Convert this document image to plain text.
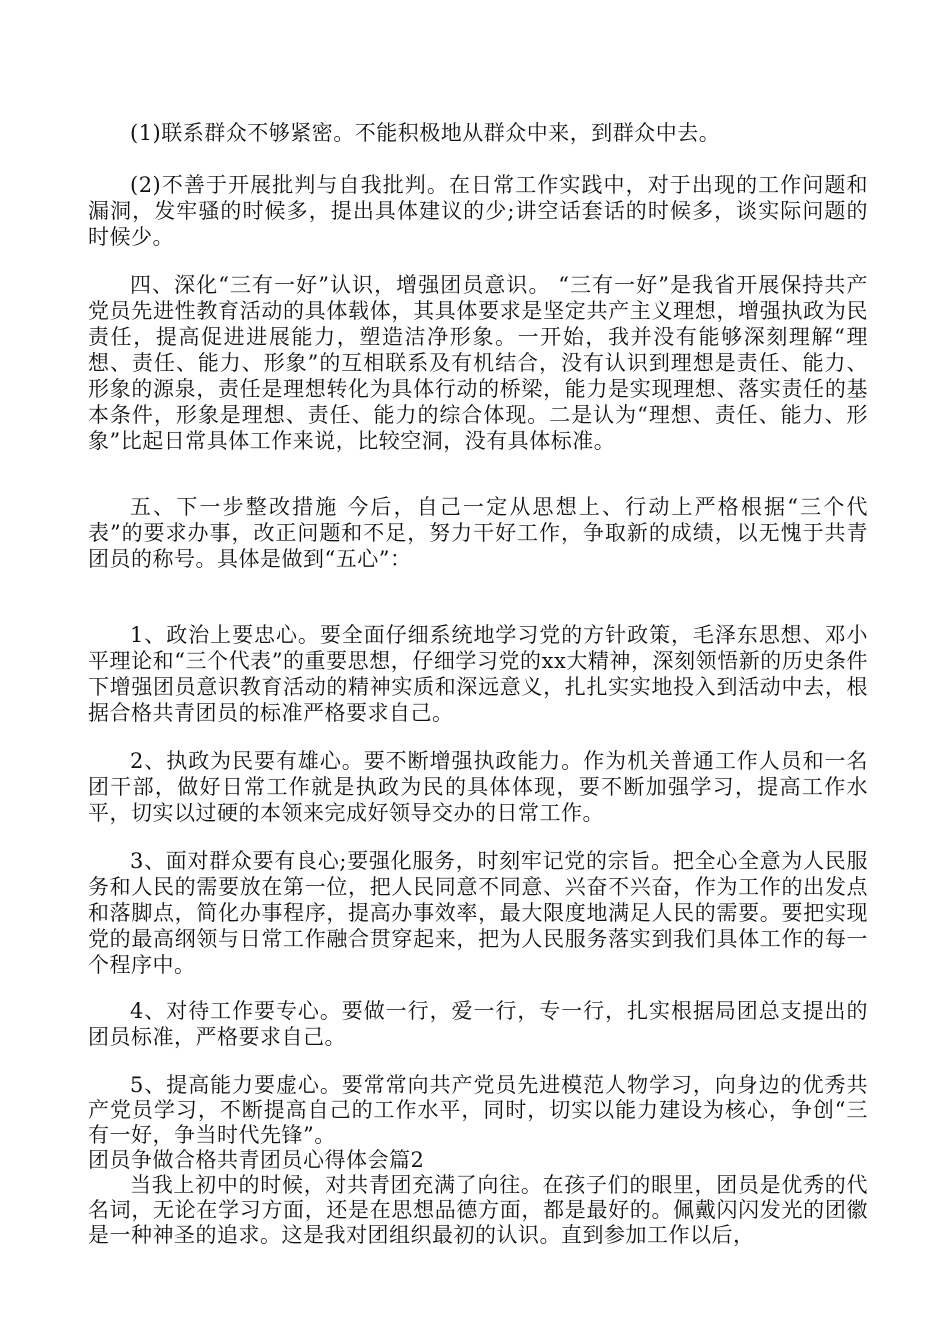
(1)联系群众不够紧密。不能积极地从群众中来，到群众中去。

(2)不善于开展批判与自我批判。在日常工作实践中，对于出现的工作问题和漏洞，发牢骚的时候多，提出具体建议的少;讲空话套话的时候多，谈实际问题的时候少。

四、深化“三有一好”认识，增强团员意识。 “三有一好”是我省开展保持共产党员先进性教育活动的具体载体，其具体要求是坚定共产主义理想，增强执政为民责任，提高促进进展能力，塑造洁净形象。一开始，我并没有能够深刻理解“理想、责任、能力、形象”的互相联系及有机结合，没有认识到理想是责任、能力、形象的源泉，责任是理想转化为具体行动的桥梁，能力是实现理想、落实责任的基本条件，形象是理想、责任、能力的综合体现。二是认为“理想、责任、能力、形象”比起日常具体工作来说，比较空洞，没有具体标准。

五、下一步整改措施 今后，自己一定从思想上、行动上严格根据“三个代表”的要求办事，改正问题和不足，努力干好工作，争取新的成绩，以无愧于共青团员的称号。具体是做到“五心”：

1、政治上要忠心。要全面仔细系统地学习党的方针政策，毛泽东思想、邓小平理论和“三个代表”的重要思想，仔细学习党的xx大精神，深刻领悟新的历史条件下增强团员意识教育活动的精神实质和深远意义，扎扎实实地投入到活动中去，根据合格共青团员的标准严格要求自己。

2、执政为民要有雄心。要不断增强执政能力。作为机关普通工作人员和一名团干部，做好日常工作就是执政为民的具体体现，要不断加强学习，提高工作水平，切实以过硬的本领来完成好领导交办的日常工作。

3、面对群众要有良心;要强化服务，时刻牢记党的宗旨。把全心全意为人民服务和人民的需要放在第一位，把人民同意不同意、兴奋不兴奋，作为工作的出发点和落脚点，简化办事程序，提高办事效率，最大限度地满足人民的需要。要把实现党的最高纲领与日常工作融合贯穿起来，把为人民服务落实到我们具体工作的每一个程序中。

4、对待工作要专心。要做一行，爱一行，专一行，扎实根据局团总支提出的团员标准，严格要求自己。

5、提高能力要虚心。要常常向共产党员先进模范人物学习，向身边的优秀共产党员学习，不断提高自己的工作水平，同时，切实以能力建设为核心，争创“三有一好，争当时代先锋”。

团员争做合格共青团员心得体会篇2

当我上初中的时候，对共青团充满了向往。在孩子们的眼里，团员是优秀的代名词，无论在学习方面，还是在思想品德方面，都是最好的。佩戴闪闪发光的团徽是一种神圣的追求。这是我对团组织最初的认识。直到参加工作以后，
